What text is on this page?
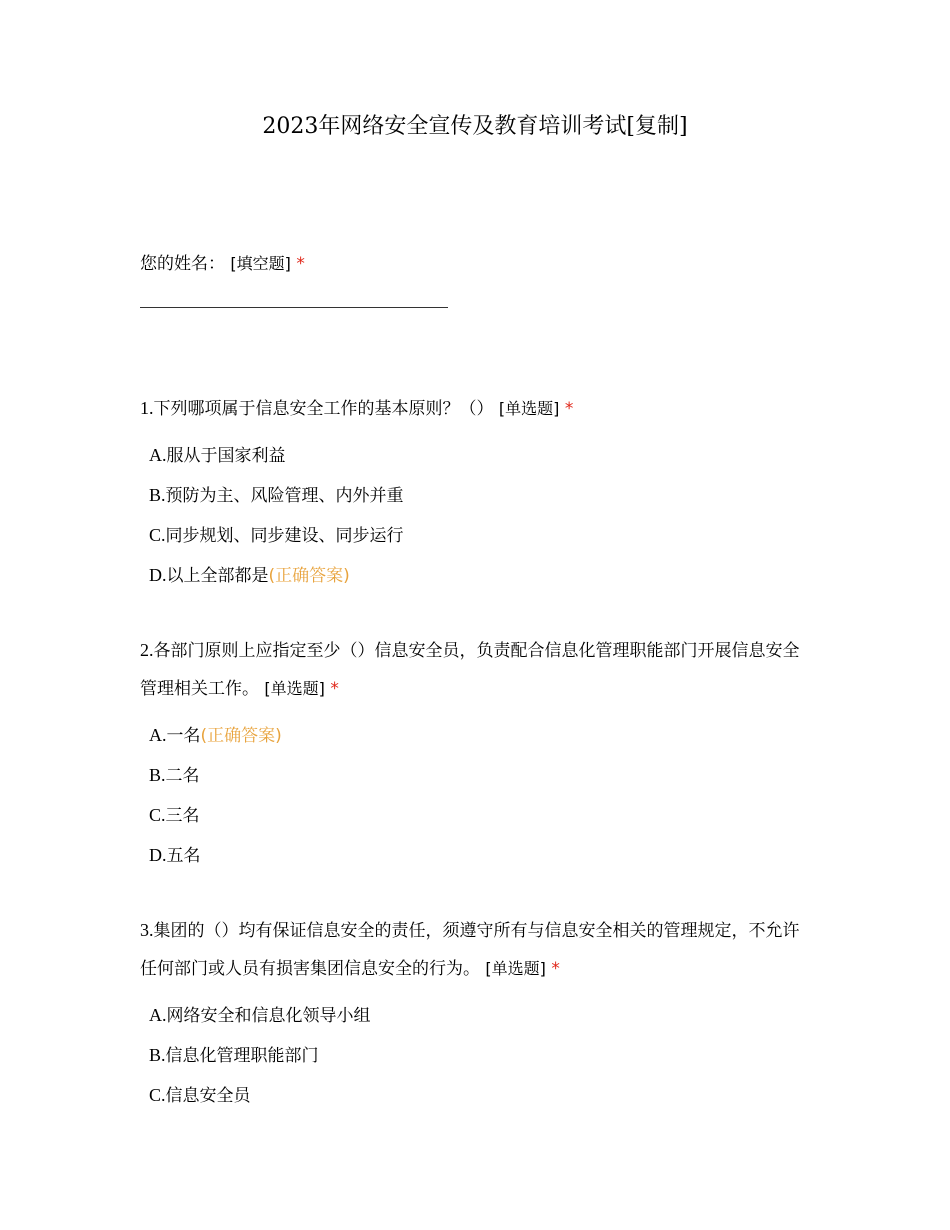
2023年网络安全宣传及教育培训考试[复制]
您的姓名： [填空题] *
1.下列哪项属于信息安全工作的基本原则？（） [单选题] *
A.服从于国家利益
B.预防为主、风险管理、内外并重
C.同步规划、同步建设、同步运行
D.以上全部都是(正确答案)
2.各部门原则上应指定至少（）信息安全员，负责配合信息化管理职能部门开展信息安全管理相关工作。 [单选题] *
A.一名(正确答案)
B.二名
C.三名
D.五名
3.集团的（）均有保证信息安全的责任，须遵守所有与信息安全相关的管理规定，不允许任何部门或人员有损害集团信息安全的行为。 [单选题] *
A.网络安全和信息化领导小组
B.信息化管理职能部门
C.信息安全员
